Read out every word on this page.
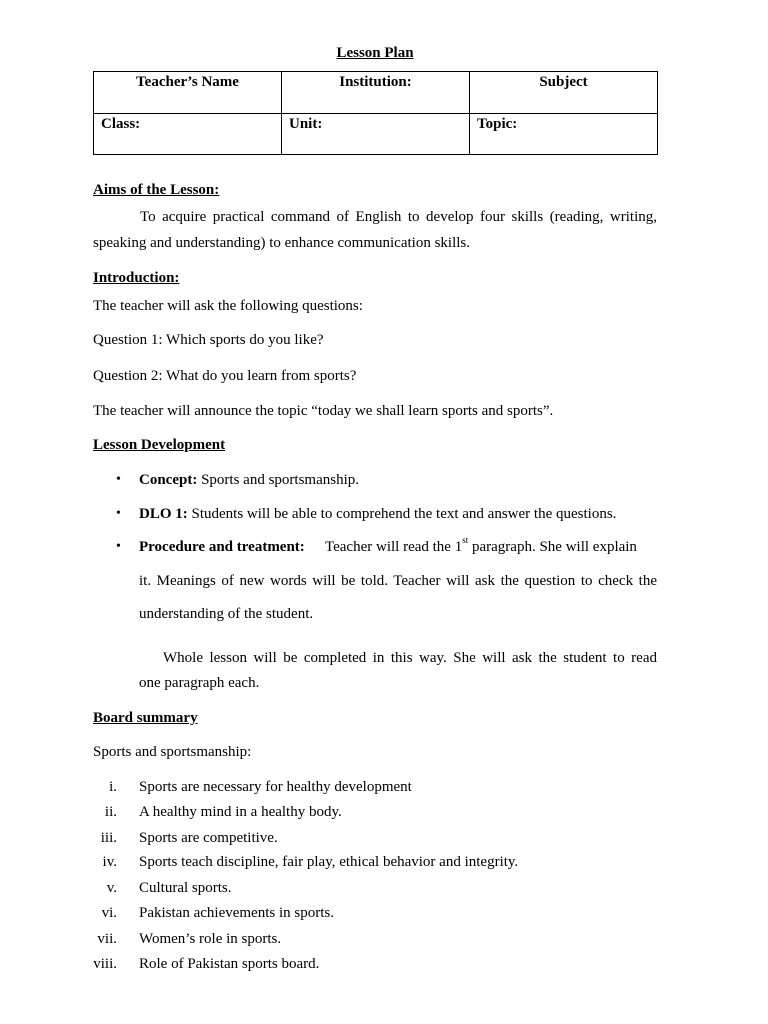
Lesson Plan
Teacher’s Name	Institution:	Subject
Class:	Unit:	Topic:
Aims of the Lesson:
To acquire practical command of English to develop four skills (reading, writing,
speaking and understanding) to enhance communication skills.
Introduction:
The teacher will ask the following questions:
Question 1: Which sports do you like?
Question 2: What do you learn from sports?
The teacher will announce the topic “today we shall learn sports and sports”.
Lesson Development
• Concept: Sports and sportsmanship.
• DLO 1: Students will be able to comprehend the text and answer the questions.
• Procedure and treatment: Teacher will read the 1st paragraph. She will explain
it. Meanings of new words will be told. Teacher will ask the question to check the
understanding of the student.
Whole lesson will be completed in this way. She will ask the student to read
one paragraph each.
Board summary
Sports and sportsmanship:
i. Sports are necessary for healthy development
ii. A healthy mind in a healthy body.
iii. Sports are competitive.
iv. Sports teach discipline, fair play, ethical behavior and integrity.
v. Cultural sports.
vi. Pakistan achievements in sports.
vii. Women’s role in sports.
viii. Role of Pakistan sports board.
